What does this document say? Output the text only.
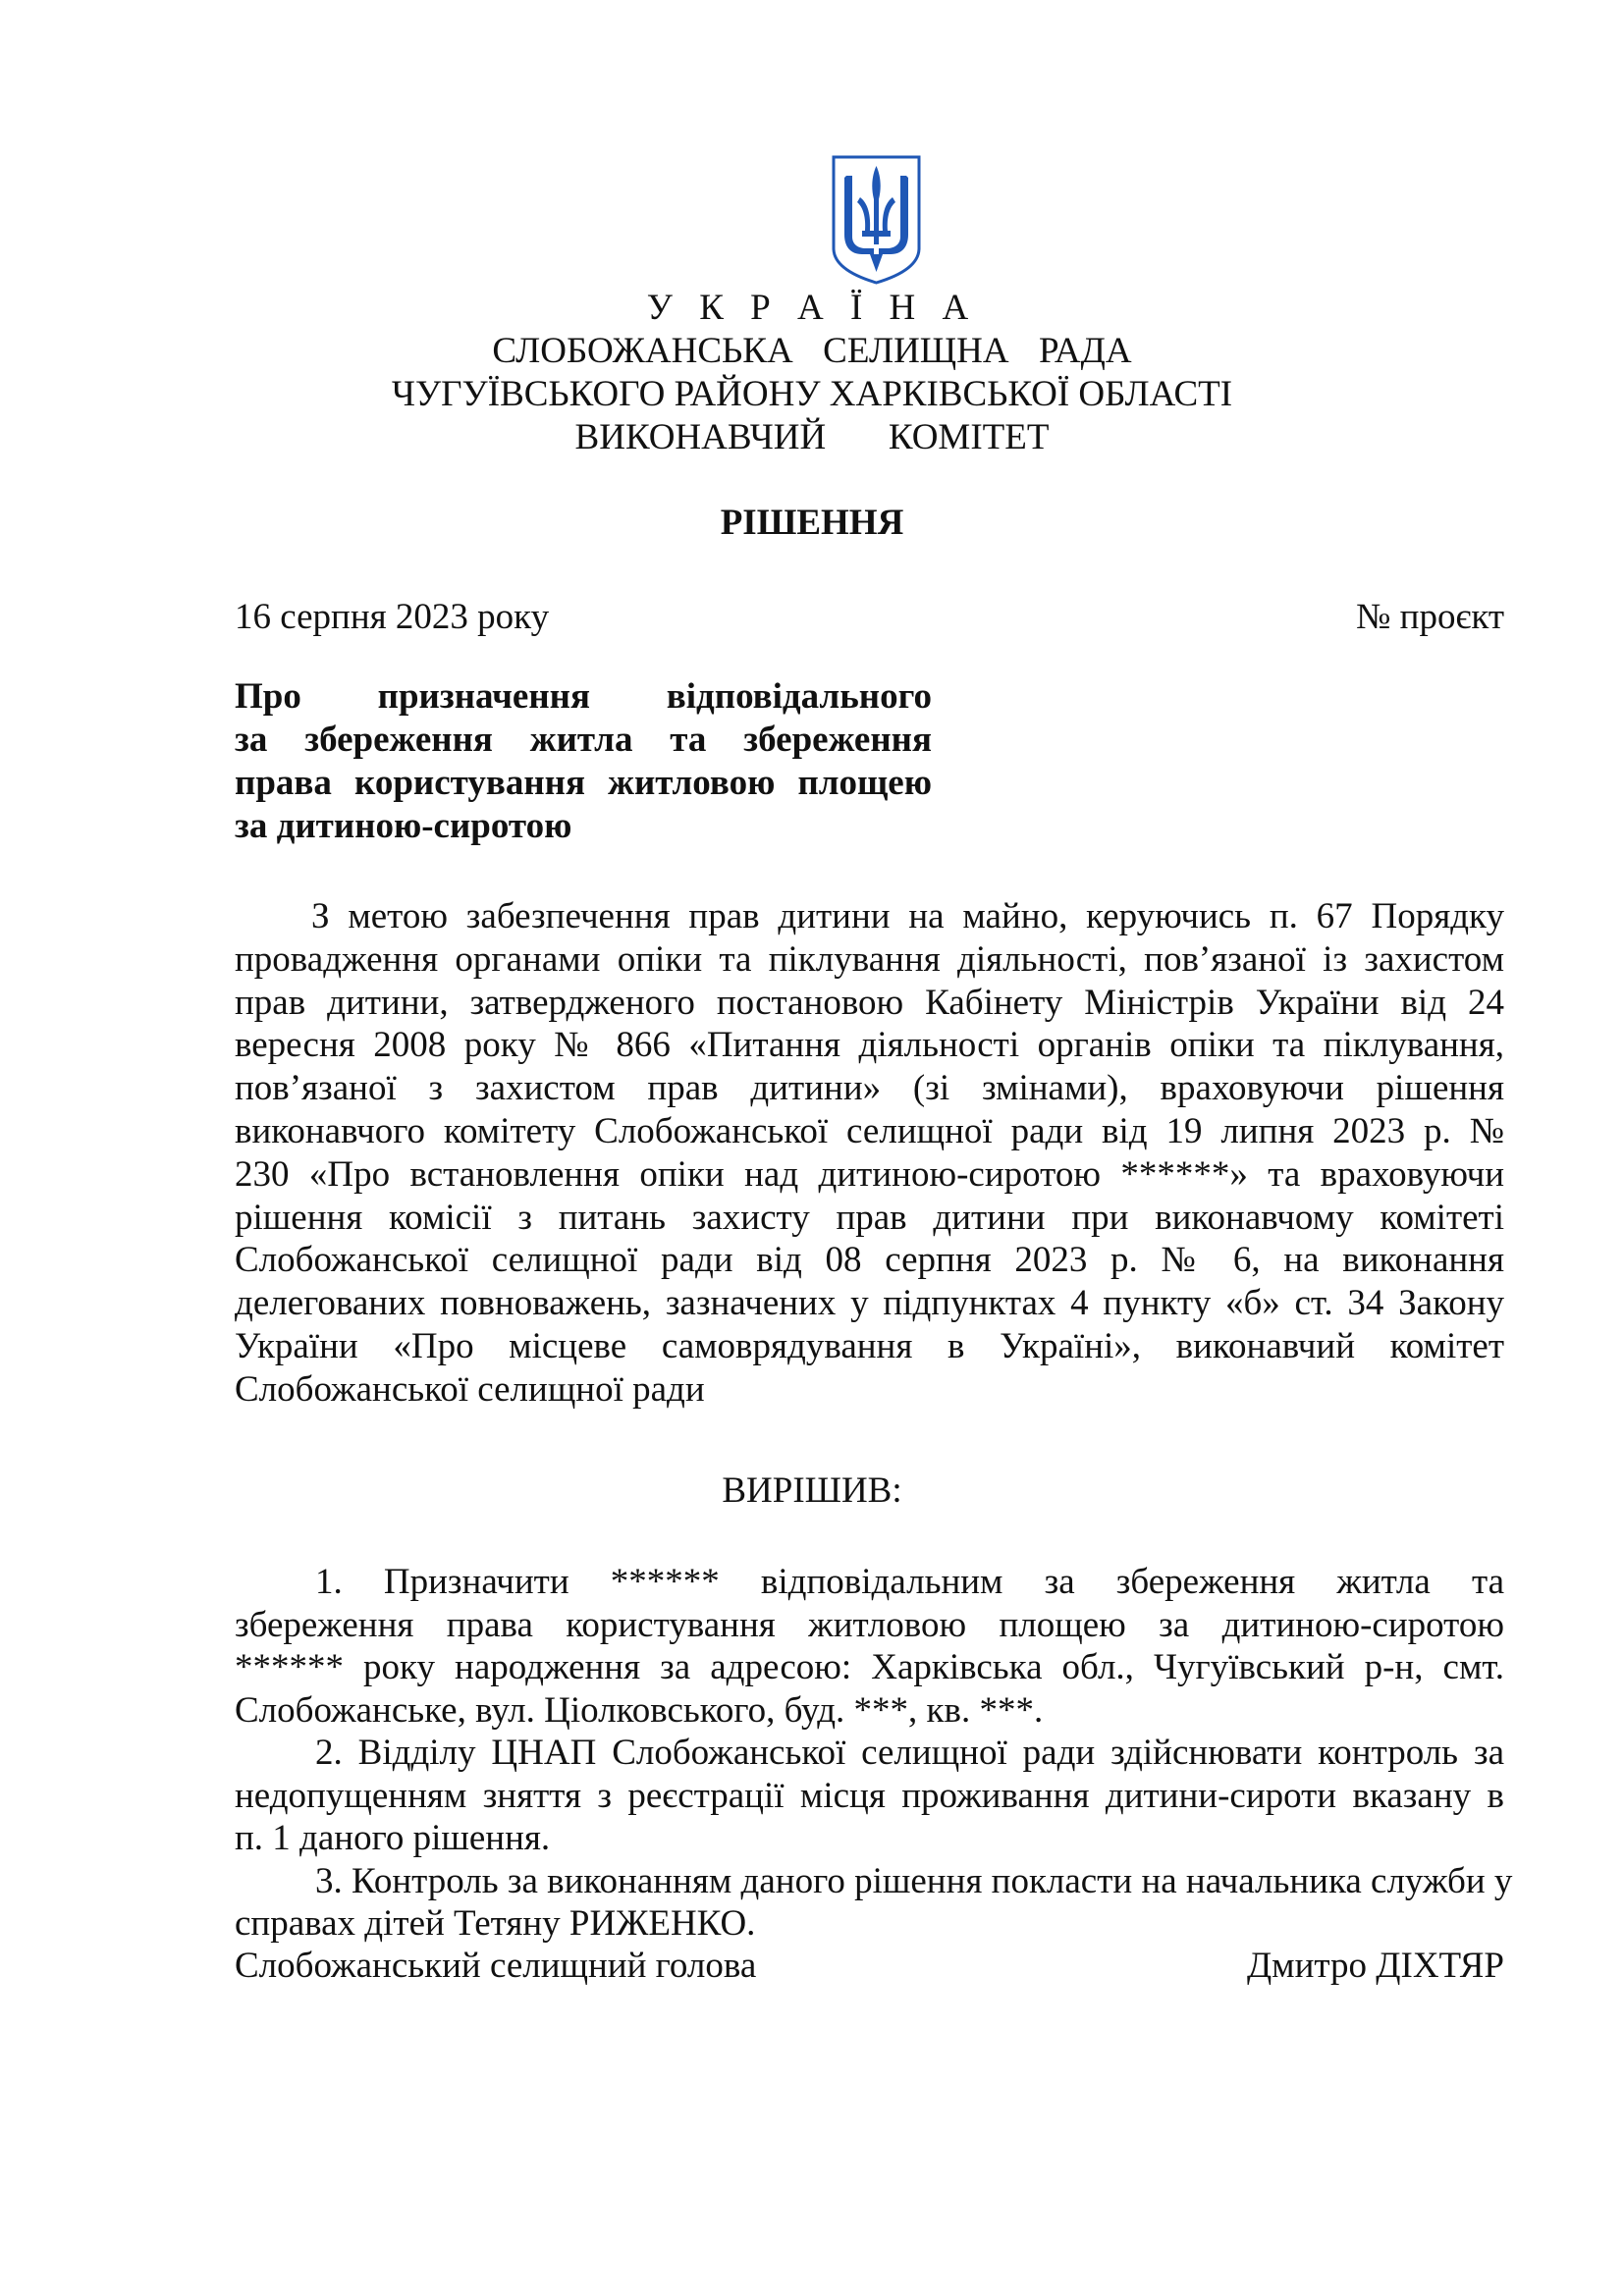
У К Р А Ї Н А
СЛОБОЖАНСЬКА  СЕЛИЩНА  РАДА
ЧУГУЇВСЬКОГО РАЙОНУ ХАРКІВСЬКОЇ ОБЛАСТІ
ВИКОНАВЧИЙ   КОМІТЕТ
РІШЕННЯ
16 серпня 2023 року	№ проєкт
Про призначення відповідального
за збереження житла та збереження
права користування житловою площею
за дитиною-сиротою
З метою забезпечення прав дитини на майно, керуючись п. 67 Порядку
провадження органами опіки та піклування діяльності, пов’язаної із захистом
прав дитини, затвердженого постановою Кабінету Міністрів України від 24
вересня 2008 року № 866 «Питання діяльності органів опіки та піклування,
пов’язаної з захистом прав дитини» (зі змінами), враховуючи рішення
виконавчого комітету Слобожанської селищної ради від 19 липня 2023 р. №
230 «Про встановлення опіки над дитиною-сиротою ******» та враховуючи
рішення комісії з питань захисту прав дитини при виконавчому комітеті
Слобожанської селищної ради від 08 серпня 2023 р. № 6, на виконання
делегованих повноважень, зазначених у підпунктах 4 пункту «б» ст. 34 Закону
України «Про місцеве самоврядування в Україні», виконавчий комітет
Слобожанської селищної ради
ВИРІШИВ:
1. Призначити ****** відповідальним за збереження житла та
збереження права користування житловою площею за дитиною-сиротою
****** року народження за адресою: Харківська обл., Чугуївський р-н, смт.
Слобожанське, вул. Ціолковського, буд. ***, кв. ***.
2. Відділу ЦНАП Слобожанської селищної ради здійснювати контроль за
недопущенням зняття з реєстрації місця проживання дитини-сироти вказану в
п. 1 даного рішення.
3. Контроль за виконанням даного рішення покласти на начальника служби у
справах дітей Тетяну РИЖЕНКО.
Слобожанський селищний голова	Дмитро ДІХТЯР
